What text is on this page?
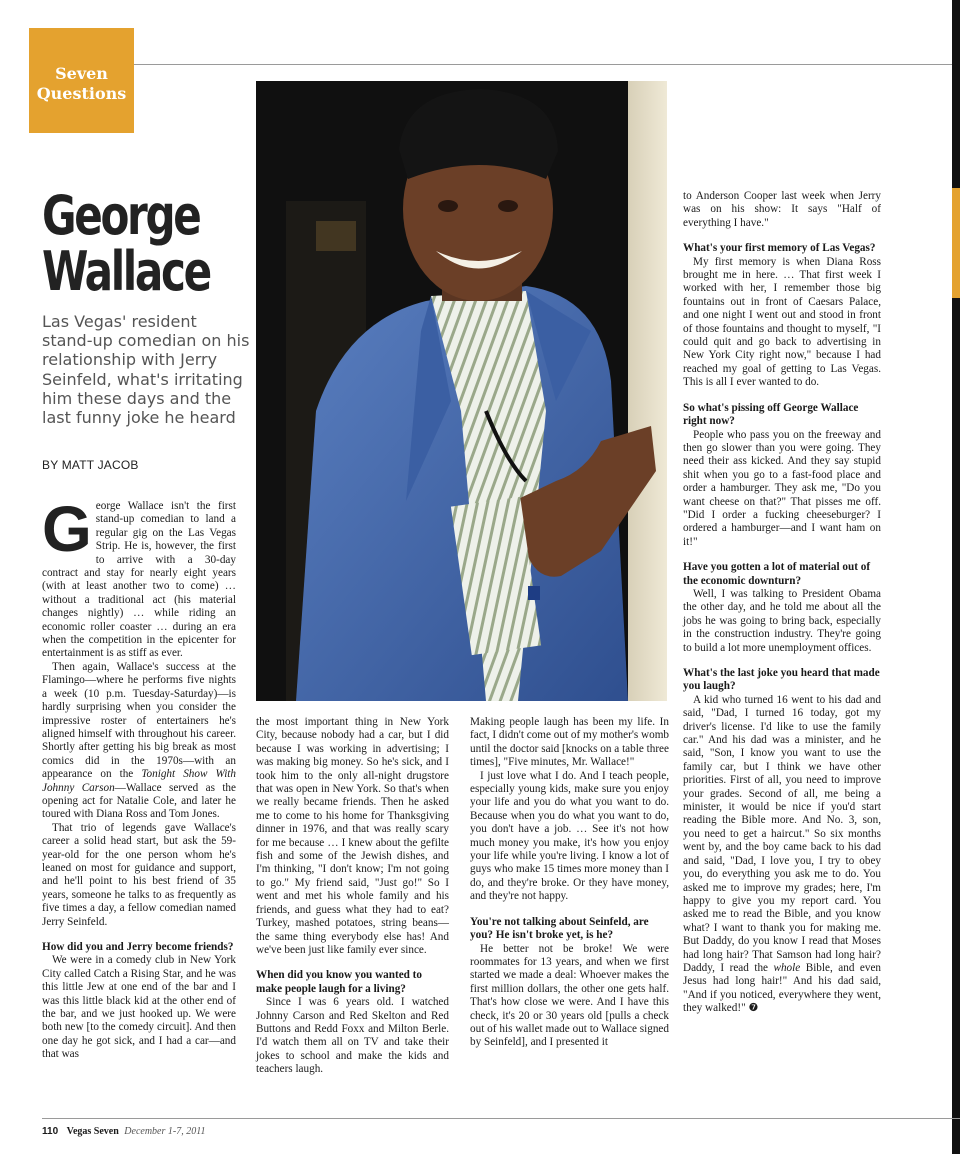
Seven Questions
George
Wallace

Las Vegas' resident stand-up comedian on his relationship with Jerry Seinfeld, what's irritating him these days and the last funny joke he heard

BY MATT JACOB

G eorge Wallace isn't the first stand-up comedian to land a regular gig on the Las Vegas Strip. He is, however, the first to arrive with a 30-day contract and stay for nearly eight years (with at least another two to come) … without a traditional act (his material changes nightly) … while riding an economic roller coaster … during an era when the competition in the epicenter for entertainment is as stiff as ever.

Then again, Wallace's success at the Flamingo—where he performs five nights a week (10 p.m. Tuesday-Saturday)—is hardly surprising when you consider the impressive roster of entertainers he's aligned himself with throughout his career. Shortly after getting his big break as most comics did in the 1970s—with an appearance on the Tonight Show With Johnny Carson—Wallace served as the opening act for Natalie Cole, and later he toured with Diana Ross and Tom Jones.

That trio of legends gave Wallace's career a solid head start, but ask the 59-year-old for the one person whom he's leaned on most for guidance and support, and he'll point to his best friend of 35 years, someone he talks to as frequently as five times a day, a fellow comedian named Jerry Seinfeld.

How did you and Jerry become friends?

We were in a comedy club in New York City called Catch a Rising Star, and he was this little Jew at one end of the bar and I was this little black kid at the other end of the bar, and we just hooked up. We were both new [to the comedy circuit]. And then one day he got sick, and I had a car—and that was

the most important thing in New York City, because nobody had a car, but I did because I was working in advertising; I was making big money. So he's sick, and I took him to the only all-night drugstore that was open in New York. So that's when we really became friends. Then he asked me to come to his home for Thanksgiving dinner in 1976, and that was really scary for me because … I knew about the gefilte fish and some of the Jewish dishes, and I'm thinking, "I don't know; I'm not going to go." My friend said, "Just go!" So I went and met his whole family and his friends, and guess what they had to eat? Turkey, mashed potatoes, string beans—the same thing everybody else has! And we've been just like family ever since.

When did you know you wanted to make people laugh for a living?

Since I was 6 years old. I watched Johnny Carson and Red Skelton and Red Buttons and Redd Foxx and Milton Berle. I'd watch them all on TV and take their jokes to school and make the kids and teachers laugh.

Making people laugh has been my life. In fact, I didn't come out of my mother's womb until the doctor said [knocks on a table three times], "Five minutes, Mr. Wallace!"

I just love what I do. And I teach people, especially young kids, make sure you enjoy your life and you do what you want to do. Because when you do what you want to do, you don't have a job. … See it's not how much money you make, it's how you enjoy your life while you're living. I know a lot of guys who make 15 times more money than I do, and they're broke. Or they have money, and they're not happy.

You're not talking about Seinfeld, are you? He isn't broke yet, is he?

He better not be broke! We were roommates for 13 years, and when we first started we made a deal: Whoever makes the first million dollars, the other one gets half. That's how close we were. And I have this check, it's 20 or 30 years old [pulls a check out of his wallet made out to Wallace signed by Seinfeld], and I presented it

to Anderson Cooper last week when Jerry was on his show: It says "Half of everything I have."

What's your first memory of Las Vegas?

My first memory is when Diana Ross brought me in here. … That first week I worked with her, I remember those big fountains out in front of Caesars Palace, and one night I went out and stood in front of those fountains and thought to myself, "I could quit and go back to advertising in New York City right now," because I had reached my goal of getting to Las Vegas. This is all I ever wanted to do.

So what's pissing off George Wallace right now?

People who pass you on the freeway and then go slower than you were going. They need their ass kicked. And they say stupid shit when you go to a fast-food place and order a hamburger. They ask me, "Do you want cheese on that?" That pisses me off. "Did I order a fucking cheeseburger? I ordered a hamburger—and I want ham on it!"

Have you gotten a lot of material out of the economic downturn?

Well, I was talking to President Obama the other day, and he told me about all the jobs he was going to bring back, especially in the construction industry. They're going to build a lot more unemployment offices.

What's the last joke you heard that made you laugh?

A kid who turned 16 went to his dad and said, "Dad, I turned 16 today, got my driver's license. I'd like to use the family car." And his dad was a minister, and he said, "Son, I know you want to use the family car, but I think we have other priorities. First of all, you need to improve your grades. Second of all, me being a minister, it would be nice if you'd start reading the Bible more. And No. 3, son, you need to get a haircut." So six months went by, and the boy came back to his dad and said, "Dad, I love you, I try to obey you, do everything you ask me to do. You asked me to improve my grades; here, I'm happy to give you my report card. You asked me to read the Bible, and you know what? I want to thank you for making me. But Daddy, do you know I read that Moses had long hair? That Samson had long hair? Daddy, I read the whole Bible, and even Jesus had long hair!" And his dad said, "And if you noticed, everywhere they went, they walked!" ❼

110 Vegas Seven December 1-7, 2011
